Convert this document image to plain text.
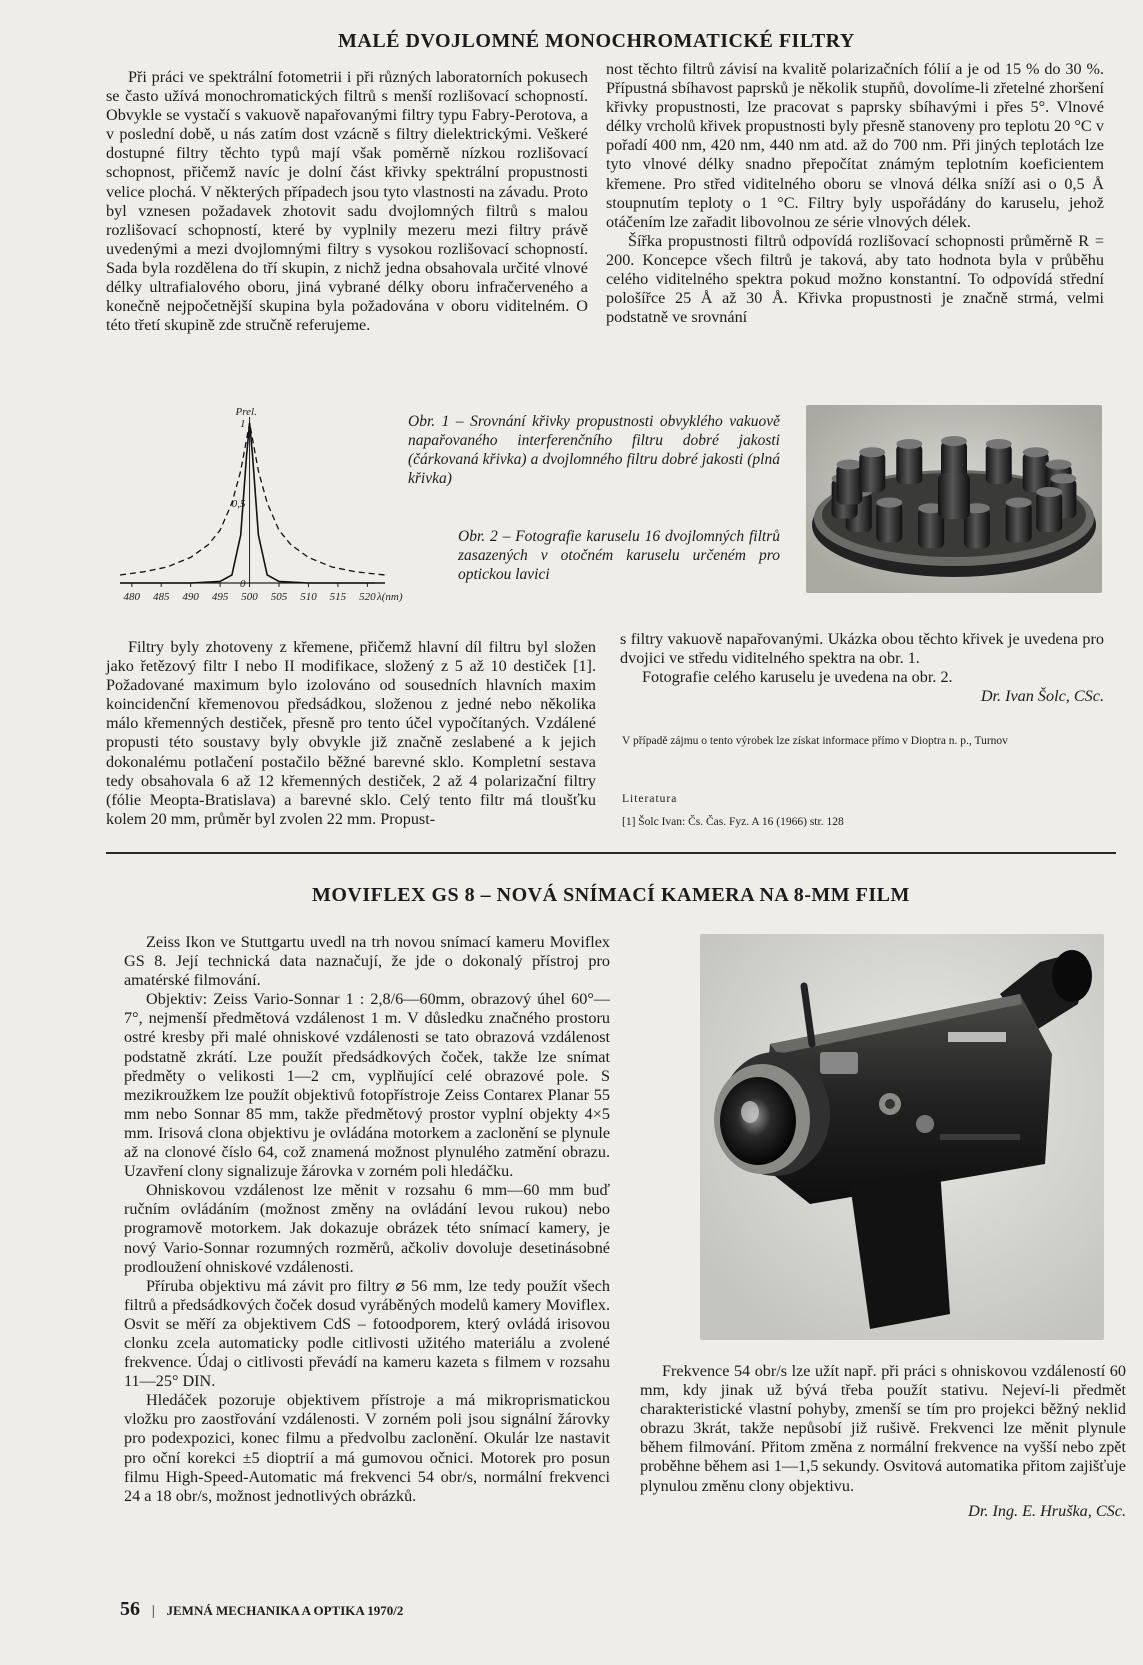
MALÉ DVOJLOMNÉ MONOCHROMATICKÉ FILTRY

Při práci ve spektrální fotometrii i při různých laboratorních pokusech se často užívá monochromatických filtrů s menší rozlišovací schopností. Obvykle se vystačí s vakuově napařovanými filtry typu Fabry-Perotova, a v poslední době, u nás zatím dost vzácně s filtry dielektrickými. Veškeré dostupné filtry těchto typů mají však poměrně nízkou rozlišovací schopnost, přičemž navíc je dolní část křivky spektrální propustnosti velice plochá. V některých případech jsou tyto vlastnosti na závadu. Proto byl vznesen požadavek zhotovit sadu dvojlomných filtrů s malou rozlišovací schopností, které by vyplnily mezeru mezi filtry právě uvedenými a mezi dvojlomnými filtry s vysokou rozlišovací schopností. Sada byla rozdělena do tří skupin, z nichž jedna obsahovala určité vlnové délky ultrafialového oboru, jiná vybrané délky oboru infračerveného a konečně nejpočetnější skupina byla požadována v oboru viditelném. O této třetí skupině zde stručně referujeme.

nost těchto filtrů závisí na kvalitě polarizačních fólií a je od 15 % do 30 %. Přípustná sbíhavost paprsků je několik stupňů, dovolíme-li zřetelné zhoršení křivky propustnosti, lze pracovat s paprsky sbíhavými i přes 5°. Vlnové délky vrcholů křivek propustnosti byly přesně stanoveny pro teplotu 20 °C v pořadí 400 nm, 420 nm, 440 nm atd. až do 700 nm. Při jiných teplotách lze tyto vlnové délky snadno přepočítat známým teplotním koeficientem křemene. Pro střed viditelného oboru se vlnová délka sníží asi o 0,5 Å stoupnutím teploty o 1 °C. Filtry byly uspořádány do karuselu, jehož otáčením lze zařadit libovolnou ze série vlnových délek.

Šířka propustnosti filtrů odpovídá rozlišovací schopnosti průměrně R = 200. Koncepce všech filtrů je taková, aby tato hodnota byla v průběhu celého viditelného spektra pokud možno konstantní. To odpovídá střední pološířce 25 Å až 30 Å. Křivka propustnosti je značně strmá, velmi podstatně ve srovnání

480 485 490 495 500 505 510 515 520
1
0,5
0
Prel.
λ(nm)
Obr. 1 – Srovnání křivky propustnosti obvyklého vakuově napařovaného interferenčního filtru dobré jakosti (čárkovaná křivka) a dvojlomného filtru dobré jakosti (plná křivka)
Obr. 2 – Fotografie karuselu 16 dvojlomných filtrů zasazených v otočném karuselu určeném pro optickou lavici

Filtry byly zhotoveny z křemene, přičemž hlavní díl filtru byl složen jako řetězový filtr I nebo II modifikace, složený z 5 až 10 destiček [1]. Požadované maximum bylo izolováno od sousedních hlavních maxim koincidenční křemenovou předsádkou, složenou z jedné nebo několika málo křemenných destiček, přesně pro tento účel vypočítaných. Vzdálené propusti této soustavy byly obvykle již značně zeslabené a k jejich dokonalému potlačení postačilo běžné barevné sklo. Kompletní sestava tedy obsahovala 6 až 12 křemenných destiček, 2 až 4 polarizační filtry (fólie Meopta-Bratislava) a barevné sklo. Celý tento filtr má tloušťku kolem 20 mm, průměr byl zvolen 22 mm. Propust-

s filtry vakuově napařovanými. Ukázka obou těchto křivek je uvedena pro dvojici ve středu viditelného spektra na obr. 1.

Fotografie celého karuselu je uvedena na obr. 2.

Dr. Ivan Šolc, CSc.
V případě zájmu o tento výrobek lze získat informace přímo v Dioptra n. p., Turnov
Literatura
[1] Šolc Ivan: Čs. Čas. Fyz. A 16 (1966) str. 128
MOVIFLEX GS 8 – NOVÁ SNÍMACÍ KAMERA NA 8-MM FILM

Zeiss Ikon ve Stuttgartu uvedl na trh novou snímací kameru Moviflex GS 8. Její technická data naznačují, že jde o dokonalý přístroj pro amatérské filmování.

Objektiv: Zeiss Vario-Sonnar 1 : 2,8/6—60mm, obrazový úhel 60°—7°, nejmenší předmětová vzdálenost 1 m. V důsledku značného prostoru ostré kresby při malé ohniskové vzdálenosti se tato obrazová vzdálenost podstatně zkrátí. Lze použít předsádkových čoček, takže lze snímat předměty o velikosti 1—2 cm, vyplňující celé obrazové pole. S mezikroužkem lze použít objektivů fotopřístroje Zeiss Contarex Planar 55 mm nebo Sonnar 85 mm, takže předmětový prostor vyplní objekty 4×5 mm. Irisová clona objektivu je ovládána motorkem a zaclonění se plynule až na clonové číslo 64, což znamená možnost plynulého zatmění obrazu. Uzavření clony signalizuje žárovka v zorném poli hledáčku.

Ohniskovou vzdálenost lze měnit v rozsahu 6 mm—60 mm buď ručním ovládáním (možnost změny na ovládání levou rukou) nebo programově motorkem. Jak dokazuje obrázek této snímací kamery, je nový Vario-Sonnar rozumných rozměrů, ačkoliv dovoluje desetinásobné prodloužení ohniskové vzdálenosti.

Příruba objektivu má závit pro filtry ⌀ 56 mm, lze tedy použít všech filtrů a předsádkových čoček dosud vyráběných modelů kamery Moviflex. Osvit se měří za objektivem CdS – fotoodporem, který ovládá irisovou clonku zcela automaticky podle citlivosti užitého materiálu a zvolené frekvence. Údaj o citlivosti převádí na kameru kazeta s filmem v rozsahu 11—25° DIN.

Hledáček pozoruje objektivem přístroje a má mikroprismatickou vložku pro zaostřování vzdálenosti. V zorném poli jsou signální žárovky pro podexpozici, konec filmu a předvolbu zaclonění. Okulár lze nastavit pro oční korekci ±5 dioptrií a má gumovou očnici. Motorek pro posun filmu High-Speed-Automatic má frekvenci 54 obr/s, normální frekvenci 24 a 18 obr/s, možnost jednotlivých obrázků.

Frekvence 54 obr/s lze užít např. při práci s ohniskovou vzdáleností 60 mm, kdy jinak už bývá třeba použít stativu. Nejeví-li předmět charakteristické vlastní pohyby, zmenší se tím pro projekci běžný neklid obrazu 3krát, takže nepůsobí již rušivě. Frekvenci lze měnit plynule během filmování. Přitom změna z normální frekvence na vyšší nebo zpět proběhne během asi 1—1,5 sekundy. Osvitová automatika přitom zajišťuje plynulou změnu clony objektivu.

Dr. Ing. E. Hruška, CSc.
56 | JEMNÁ MECHANIKA A OPTIKA 1970/2
